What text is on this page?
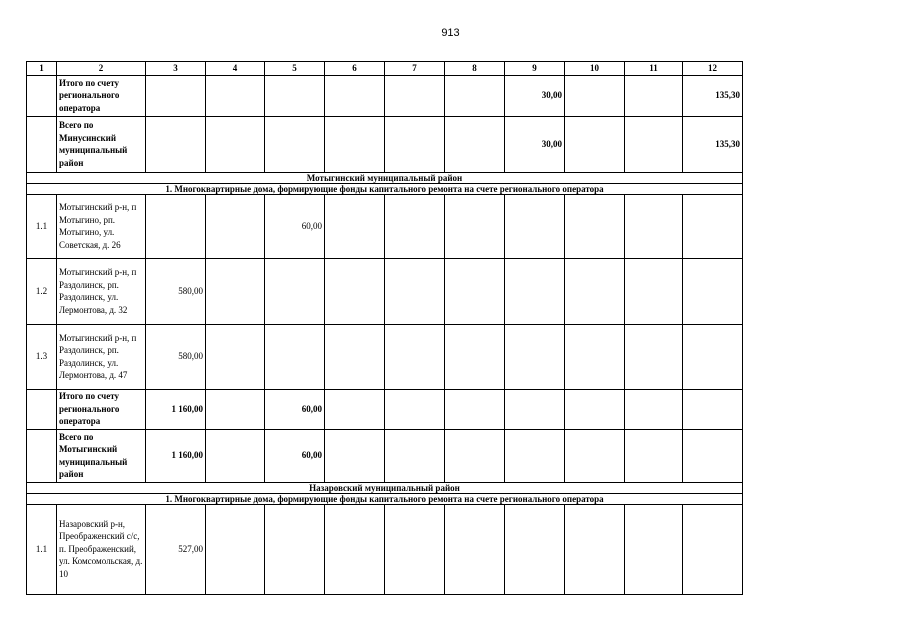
913
1	2	3	4	5	6	7	8	9	10	11	12
	Итого по счету регионального оператора							30,00			135,30
	Всего по Минусинский муниципальный район							30,00			135,30
Мотыгинский муниципальный район											
1. Многоквартирные дома, формирующие фонды капитального ремонта на счете регионального оператора											
1.1	Мотыгинский р-н, п Мотыгино, рп. Мотыгино, ул. Советская, д. 26			60,00							
1.2	Мотыгинский р-н, п Раздолинск, рп. Раздолинск, ул. Лермонтова, д. 32	580,00									
1.3	Мотыгинский р-н, п Раздолинск, рп. Раздолинск, ул. Лермонтова, д. 47	580,00									
	Итого по счету регионального оператора	1 160,00		60,00							
	Всего по Мотыгинский муниципальный район	1 160,00		60,00							
Назаровский муниципальный район											
1. Многоквартирные дома, формирующие фонды капитального ремонта на счете регионального оператора											
1.1	Назаровский р-н, Преображенский с/с, п. Преображенский, ул. Комсомольская, д. 10	527,00									
